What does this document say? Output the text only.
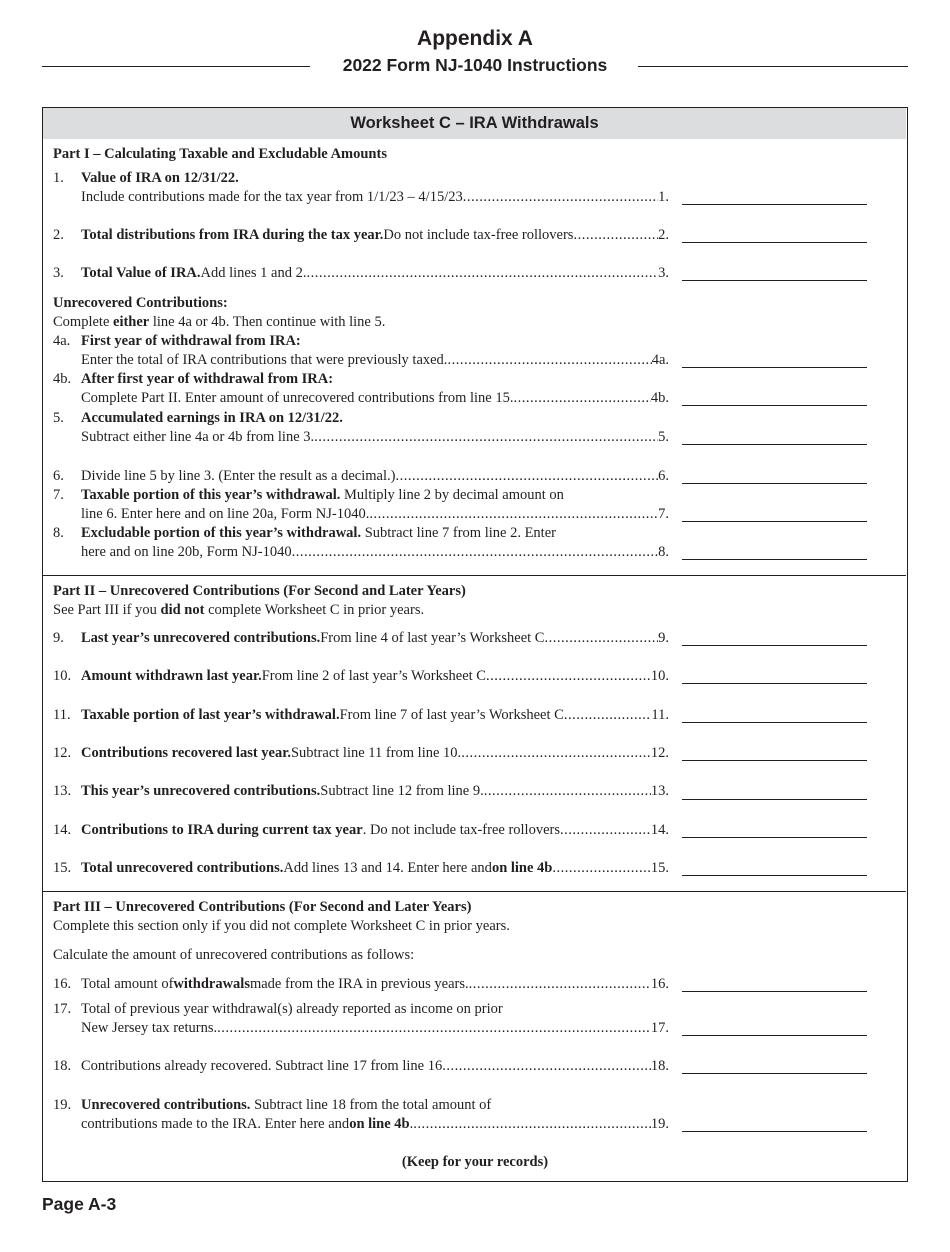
Appendix A
2022 Form NJ-1040 Instructions
Worksheet C – IRA Withdrawals
Part I – Calculating Taxable and Excludable Amounts
1. Value of IRA on 12/31/22.
Include contributions made for the tax year from 1/1/23 – 4/15/23 .....	1.
2. Total distributions from IRA during the tax year. Do not include tax-free rollovers .....	2.
3. Total Value of IRA. Add lines 1 and 2. .....	3.
Unrecovered Contributions:
Complete either line 4a or 4b. Then continue with line 5.
4a. First year of withdrawal from IRA:
Enter the total of IRA contributions that were previously taxed. .....	4a.
4b. After first year of withdrawal from IRA:
Complete Part II. Enter amount of unrecovered contributions from line 15. .....	4b.
5. Accumulated earnings in IRA on 12/31/22.
Subtract either line 4a or 4b from line 3. .....	5.
6. Divide line 5 by line 3. (Enter the result as a decimal.) .....	6.
7. Taxable portion of this year’s withdrawal. Multiply line 2 by decimal amount on
line 6. Enter here and on line 20a, Form NJ-1040. .....	7.
8. Excludable portion of this year’s withdrawal. Subtract line 7 from line 2. Enter
here and on line 20b, Form NJ-1040 .....	8.
Part II – Unrecovered Contributions (For Second and Later Years)
See Part III if you did not complete Worksheet C in prior years.
9. Last year’s unrecovered contributions. From line 4 of last year’s Worksheet C .....	9.
10. Amount withdrawn last year. From line 2 of last year’s Worksheet C .....	10.
11. Taxable portion of last year’s withdrawal. From line 7 of last year’s Worksheet C .....	11.
12. Contributions recovered last year. Subtract line 11 from line 10. .....	12.
13. This year’s unrecovered contributions. Subtract line 12 from line 9. .....	13.
14. Contributions to IRA during current tax year . Do not include tax-free rollovers .....	14.
15. Total unrecovered contributions. Add lines 13 and 14. Enter here and on line 4b .....	15.
Part III – Unrecovered Contributions (For Second and Later Years)
Complete this section only if you did not complete Worksheet C in prior years.
Calculate the amount of unrecovered contributions as follows:
16. Total amount of withdrawals made from the IRA in previous years. .....	16.
17. Total of previous year withdrawal(s) already reported as income on prior
New Jersey tax returns. .....	17.
18. Contributions already recovered. Subtract line 17 from line 16 .....	18.
19. Unrecovered contributions. Subtract line 18 from the total amount of
contributions made to the IRA. Enter here and on line 4b . .....	19.
(Keep for your records)
Page A-3
